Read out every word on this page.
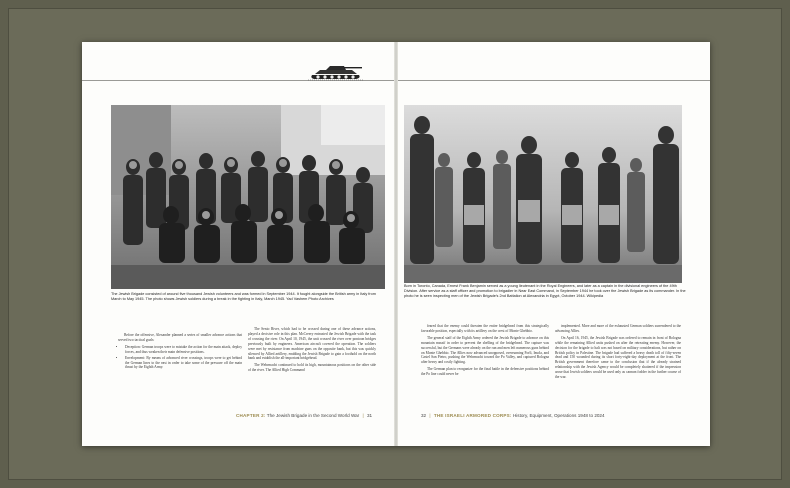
The Jewish Brigade consisted of around five thousand Jewish volunteers and was formed in September 1944. It fought alongside the British army in Italy from March to May 1945. The photo shows Jewish soldiers during a break in the fighting in Italy, March 1945. Yad Vashem Photo Archives

Before the offensive, Alexander planned a series of smaller advance actions that served two tactical goals:

• Deception: German troops were to mistake the action for the main attack, deploy forces, and thus weaken their main defensive positions.
• Envelopment: By means of advanced river crossings, troops were to get behind the German lines to the east in order to take some of the pressure off the main thrust by the Eighth Army.

The Senio River, which had to be crossed during one of these advance actions, played a decisive role in this plan. McCreery entrusted the Jewish Brigade with the task of crossing the river. On April 10, 1945, the unit crossed the river over pontoon bridges previously built by engineers. American aircraft covered the operation. The soldiers were met by resistance from machine guns on the opposite bank, but this was quickly silenced by Allied artillery, enabling the Jewish Brigade to gain a foothold on the north bank and establish the all-important bridgehead.

The Wehrmacht continued to hold its high, mountainous positions on the other side of the river. The Allied High Command

CHAPTER 2: The Jewish Brigade in the Second World War | 31
Born in Toronto, Canada, Ernest Frank Benjamin served as a young lieutenant in the Royal Engineers, and later as a captain in the divisional engineers of the 49th Division. After service as a staff officer and promotion to brigadier in Near East Command, in September 1944 he took over the Jewish Brigade as its commander. In the photo he is seen inspecting men of the Jewish Brigade's 2nd Battalion at Alexandria in Egypt, October 1944. Wikipedia

feared that the enemy could threaten the entire bridgehead from this strategically favorable position, especially with its artillery on the crest of Monte Ghebbio.

The general staff of the Eighth Army ordered the Jewish Brigade to advance on this mountain massif in order to prevent the shelling of the bridgehead. The capture was successful, but the Germans were already on the run and men left numerous guns behind on Monte Ghebbio. The Allies now advanced unopposed, overrunning Forlì, Imola, and Castel San Pietro, pushing the Wehrmacht toward the Po Valley, and captured Bologna after heavy and costly fighting.

The German plan to reorganize for the final battle in the defensive positions behind the Po line could never be

implemented. More and more of the exhausted German soldiers surrendered to the advancing Allies.

On April 16, 1945, the Jewish Brigade was ordered to remain in front of Bologna while the remaining Allied units pushed on after the retreating enemy. However, the decision for the brigade to halt was not based on military considerations, but rather on British policy in Palestine. The brigade had suffered a heavy death toll of fifty-seven dead and 150 wounded during its short forty-eight-day deployment at the front. The British government therefore came to the conclusion that if the already strained relationship with the Jewish Agency would be completely shattered if the impression arose that Jewish soldiers would be used only as cannon fodder in the further course of the war.

32 | THE ISRAELI ARMORED CORPS: History, Equipment, Operations 1948 to 2024
